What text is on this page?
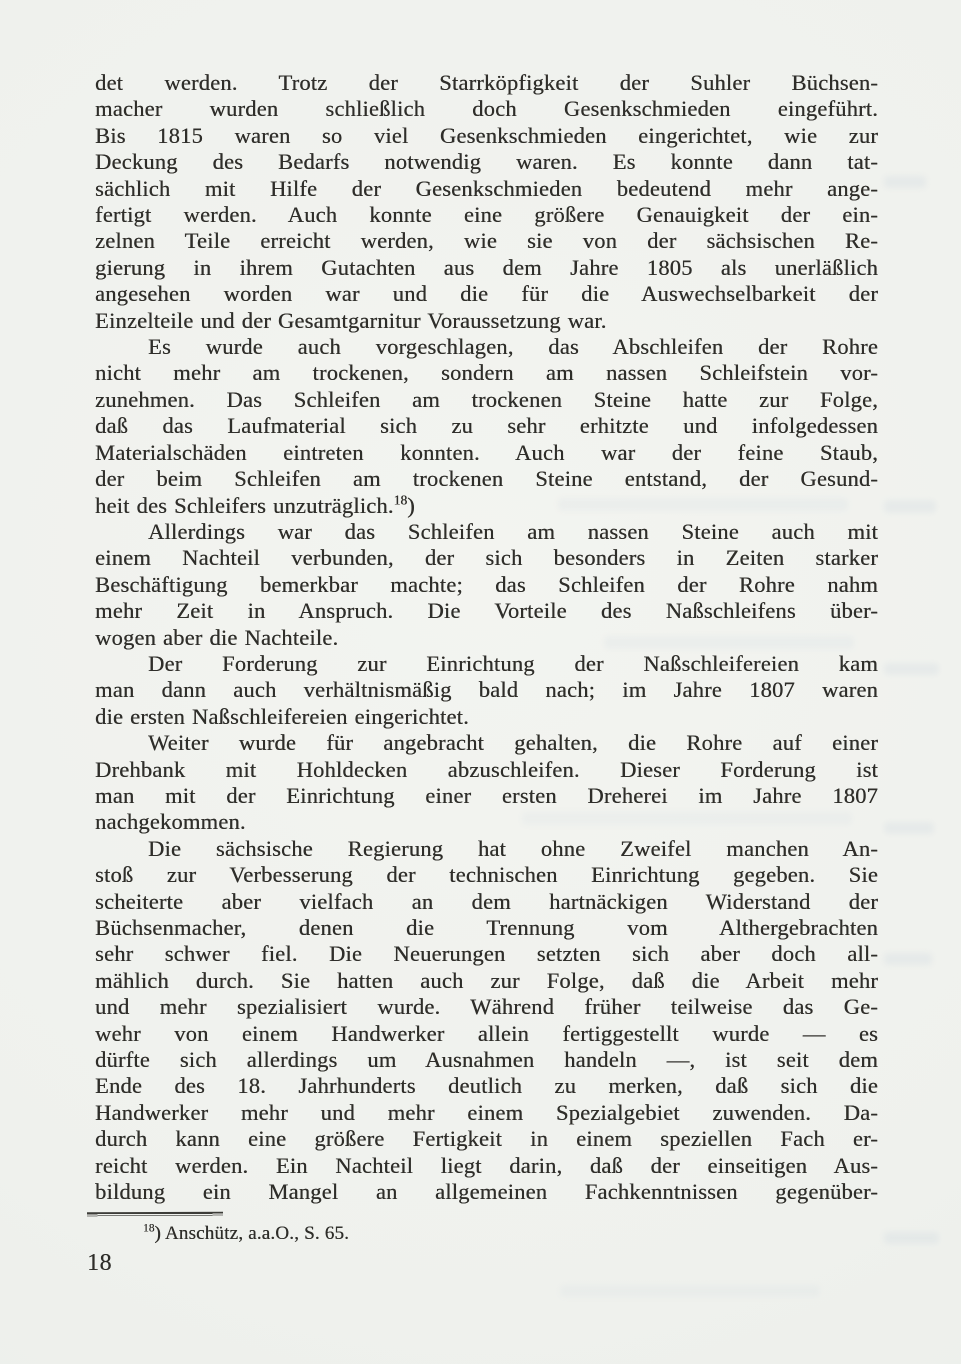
det werden. Trotz der Starrköpfigkeit der Suhler Büchsen-
macher wurden schließlich doch Gesenkschmieden eingeführt.
Bis 1815 waren so viel Gesenkschmieden eingerichtet, wie zur
Deckung des Bedarfs notwendig waren. Es konnte dann tat-
sächlich mit Hilfe der Gesenkschmieden bedeutend mehr ange-
fertigt werden. Auch konnte eine größere Genauigkeit der ein-
zelnen Teile erreicht werden, wie sie von der sächsischen Re-
gierung in ihrem Gutachten aus dem Jahre 1805 als unerläßlich
angesehen worden war und die für die Auswechselbarkeit der
Einzelteile und der Gesamtgarnitur Voraussetzung war.
Es wurde auch vorgeschlagen, das Abschleifen der Rohre
nicht mehr am trockenen, sondern am nassen Schleifstein vor-
zunehmen. Das Schleifen am trockenen Steine hatte zur Folge,
daß das Laufmaterial sich zu sehr erhitzte und infolgedessen
Materialschäden eintreten konnten. Auch war der feine Staub,
der beim Schleifen am trockenen Steine entstand, der Gesund-
heit des Schleifers unzuträglich.$^{18}$)
Allerdings war das Schleifen am nassen Steine auch mit
einem Nachteil verbunden, der sich besonders in Zeiten starker
Beschäftigung bemerkbar machte; das Schleifen der Rohre nahm
mehr Zeit in Anspruch. Die Vorteile des Naßschleifens über-
wogen aber die Nachteile.
Der Forderung zur Einrichtung der Naßschleifereien kam
man dann auch verhältnismäßig bald nach; im Jahre 1807 waren
die ersten Naßschleifereien eingerichtet.
Weiter wurde für angebracht gehalten, die Rohre auf einer
Drehbank mit Hohldecken abzuschleifen. Dieser Forderung ist
man mit der Einrichtung einer ersten Dreherei im Jahre 1807
nachgekommen.
Die sächsische Regierung hat ohne Zweifel manchen An-
stoß zur Verbesserung der technischen Einrichtung gegeben. Sie
scheiterte aber vielfach an dem hartnäckigen Widerstand der
Büchsenmacher, denen die Trennung vom Althergebrachten
sehr schwer fiel. Die Neuerungen setzten sich aber doch all-
mählich durch. Sie hatten auch zur Folge, daß die Arbeit mehr
und mehr spezialisiert wurde. Während früher teilweise das Ge-
wehr von einem Handwerker allein fertiggestellt wurde — es
dürfte sich allerdings um Ausnahmen handeln —, ist seit dem
Ende des 18. Jahrhunderts deutlich zu merken, daß sich die
Handwerker mehr und mehr einem Spezialgebiet zuwenden. Da-
durch kann eine größere Fertigkeit in einem speziellen Fach er-
reicht werden. Ein Nachteil liegt darin, daß der einseitigen Aus-
bildung ein Mangel an allgemeinen Fachkenntnissen gegenüber-
$^{18}$) Anschütz, a.a.O., S. 65.
18
